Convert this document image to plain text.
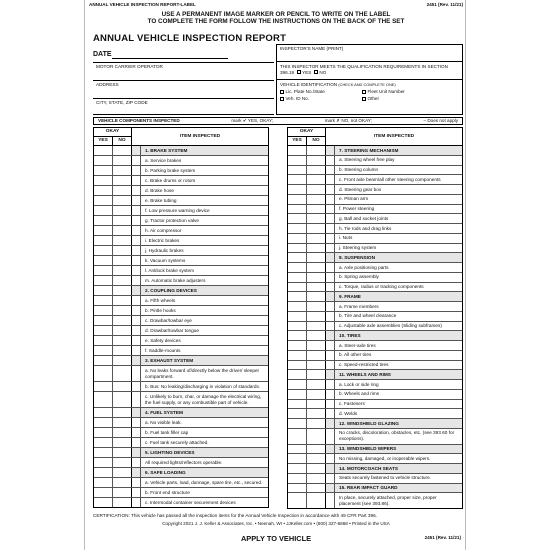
ANNUAL VEHICLE INSPECTION REPORT-LABEL	2451 (Rev. 11/21)
USE A PERMANENT IMAGE MARKER OR PENCIL TO WRITE ON THE LABEL
TO COMPLETE THE FORM FOLLOW THE INSTRUCTIONS ON THE BACK OF THE SET
ANNUAL VEHICLE INSPECTION REPORT
DATE
MOTOR CARRIER OPERATOR
ADDRESS
CITY, STATE, ZIP CODE
INSPECTOR'S NAME (PRINT)
THIS INSPECTOR MEETS THE QUALIFICATION REQUIREMENTS IN SECTION 396.19 YES NO
VEHICLE IDENTIFICATION (CHECK AND COMPLETE ONE)
Lic. Plate No./State	Fleet Unit Number
Veh. ID No.	Other
VEHICLE COMPONENTS INSPECTED	mark ✔ YES, OKAY;	mark ✗ NO, not OKAY;	– Does not apply
OKAY
YES	NO
ITEM INSPECTED
1. BRAKE SYSTEM
a. Service brakes
b. Parking brake system
c. Brake drums or rotors
d. Brake hose
e. Brake tubing
f. Low pressure warning device
g. Tractor protection valve
h. Air compressor
i. Electric brakes
j. Hydraulic brakes
k. Vacuum systems
l. Antilock brake system
m. Automatic brake adjusters
2. COUPLING DEVICES
a. Fifth wheels
b. Pintle hooks
c. Drawbar/towbar eye
d. Drawbar/towbar tongue
e. Safety devices
f. Saddle-mounts
3. EXHAUST SYSTEM
a. No leaks forward of/directly below the driver/ sleeper compartment.
b. Bus: No leaking/discharging in violation of standards.
c. Unlikely to burn, char, or damage the electrical wiring, the fuel supply, or any combustible part of vehicle.
4. FUEL SYSTEM
a. No visible leak.
b. Fuel tank filler cap
c. Fuel tank securely attached.
5. LIGHTING DEVICES
All required lights/reflectors operable.
6. SAFE LOADING
a. Vehicle parts, load, dunnage, spare tire, etc., secured.
b. Front end structure
c. Intermodal container securement devices
OKAY
YES	NO
ITEM INSPECTED
7. STEERING MECHANISM
a. Steering wheel free play
b. Steering column
c. Front axle beam/all other steering components
d. Steering gear box
e. Pitman arm
f. Power steering
g. Ball and socket joints
h. Tie rods and drag links
i. Nuts
j. Steering system
8. SUSPENSION
a. Axle positioning parts
b. Spring assembly
c. Torque, radius or tracking components
9. FRAME
a. Frame members
b. Tire and wheel clearance
c. Adjustable axle assemblies (Sliding subframes)
10. TIRES
a. Steer-axle tires
b. All other tires
c. Speed-restricted tires
11. WHEELS AND RIMS
a. Lock or side ring
b. Wheels and rims
c. Fasteners
d. Welds
12. WINDSHIELD GLAZING
No cracks, discoloration, obstacles, etc. (see 393.60 for exceptions).
13. WINDSHIELD WIPERS
No missing, damaged, or inoperable wipers.
14. MOTORCOACH SEATS
Seats securely fastened to vehicle structure.
15. REAR IMPACT GUARD
In place, securely attached, proper size, proper placement (see 393.86).
CERTIFICATION: This vehicle has passed all the inspection items for the Annual Vehicle Inspection in accordance with 49 CFR Part 396.
Copyright 2021 J. J. Keller & Associates, Inc. • Neenah, WI • JJKeller.com • (800) 327-6868 • Printed in the USA
APPLY TO VEHICLE	2451 (Rev. 11/21)
